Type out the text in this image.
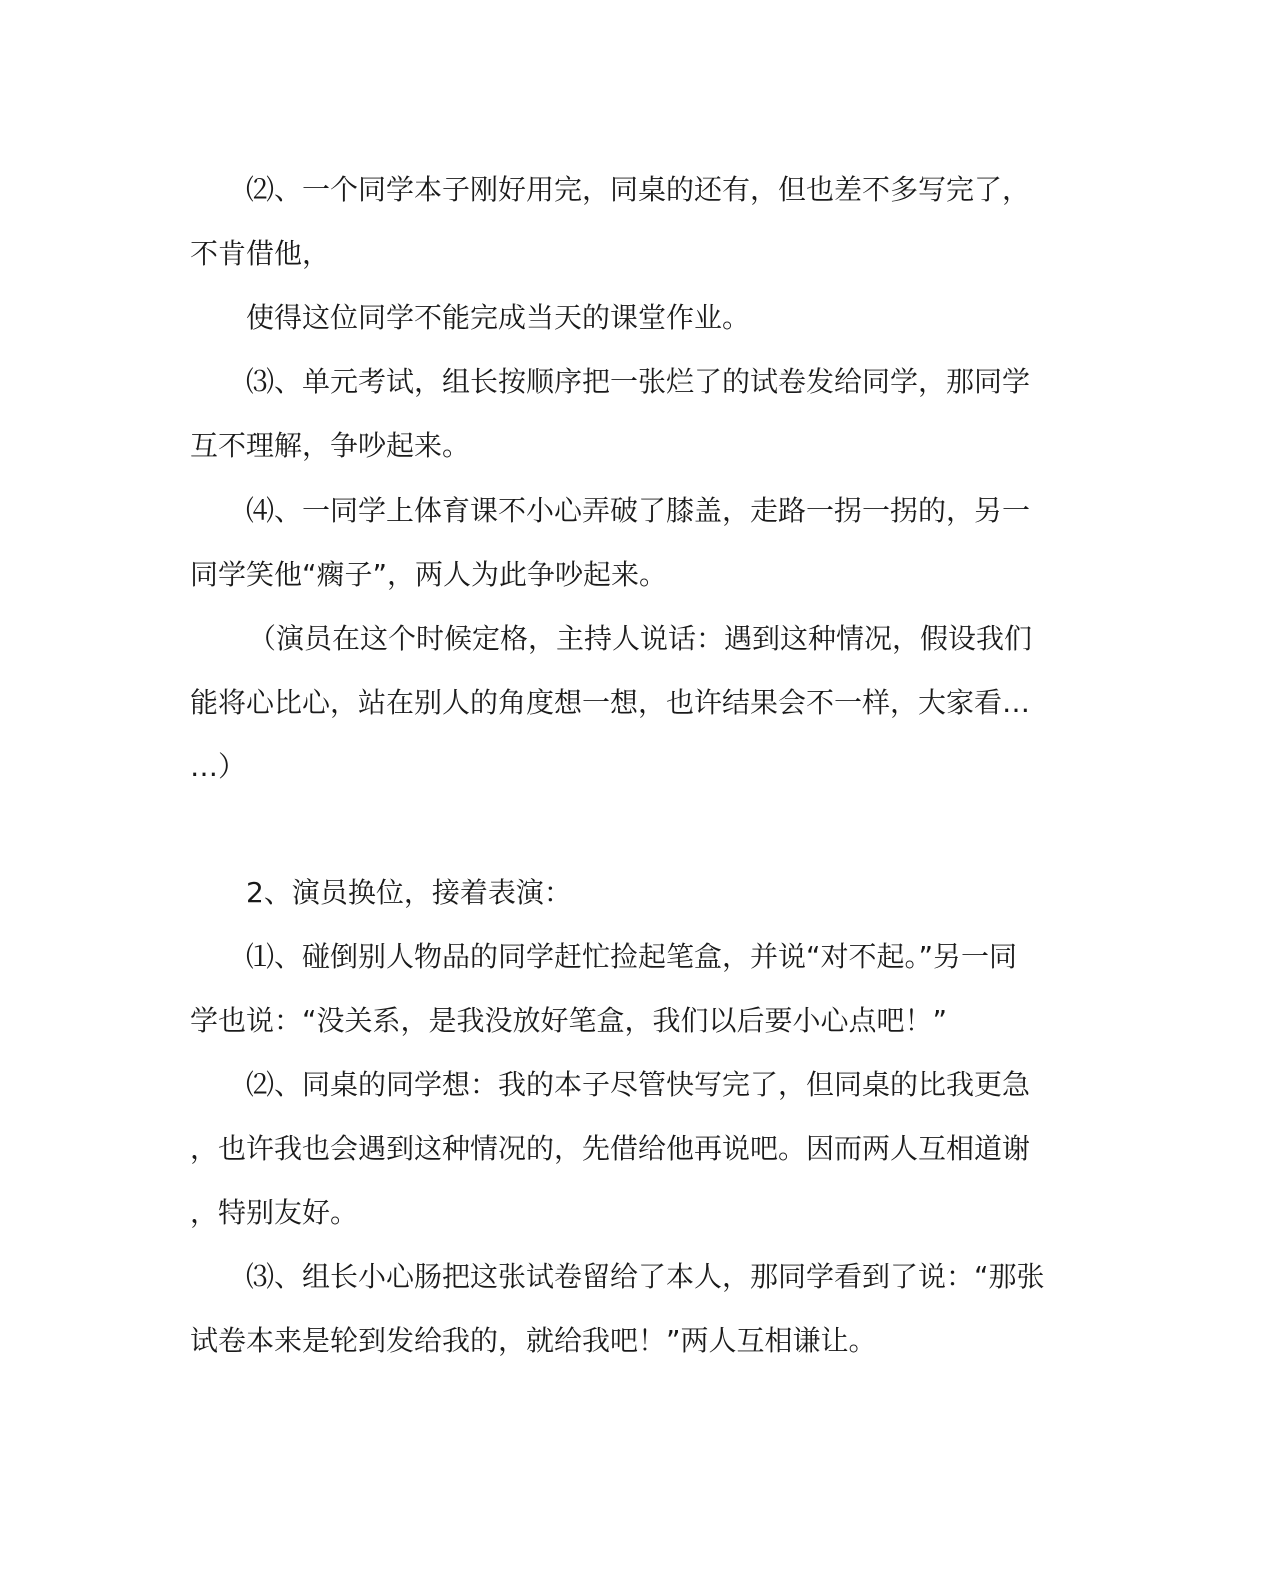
⑵、一个同学本子刚好用完，同桌的还有，但也差不多写完了，
不肯借他，
使得这位同学不能完成当天的课堂作业。
⑶、单元考试，组长按顺序把一张烂了的试卷发给同学，那同学
互不理解，争吵起来。
⑷、一同学上体育课不小心弄破了膝盖，走路一拐一拐的，另一
同学笑他“瘸子”，两人为此争吵起来。
（演员在这个时候定格，主持人说话：遇到这种情况，假设我们
能将心比心，站在别人的角度想一想，也许结果会不一样，大家看…
…）
2、演员换位，接着表演：
⑴、碰倒别人物品的同学赶忙捡起笔盒，并说“对不起。”另一同
学也说：“没关系，是我没放好笔盒，我们以后要小心点吧！”
⑵、同桌的同学想：我的本子尽管快写完了，但同桌的比我更急
，也许我也会遇到这种情况的，先借给他再说吧。因而两人互相道谢
，特别友好。
⑶、组长小心肠把这张试卷留给了本人，那同学看到了说：“那张
试卷本来是轮到发给我的，就给我吧！”两人互相谦让。
